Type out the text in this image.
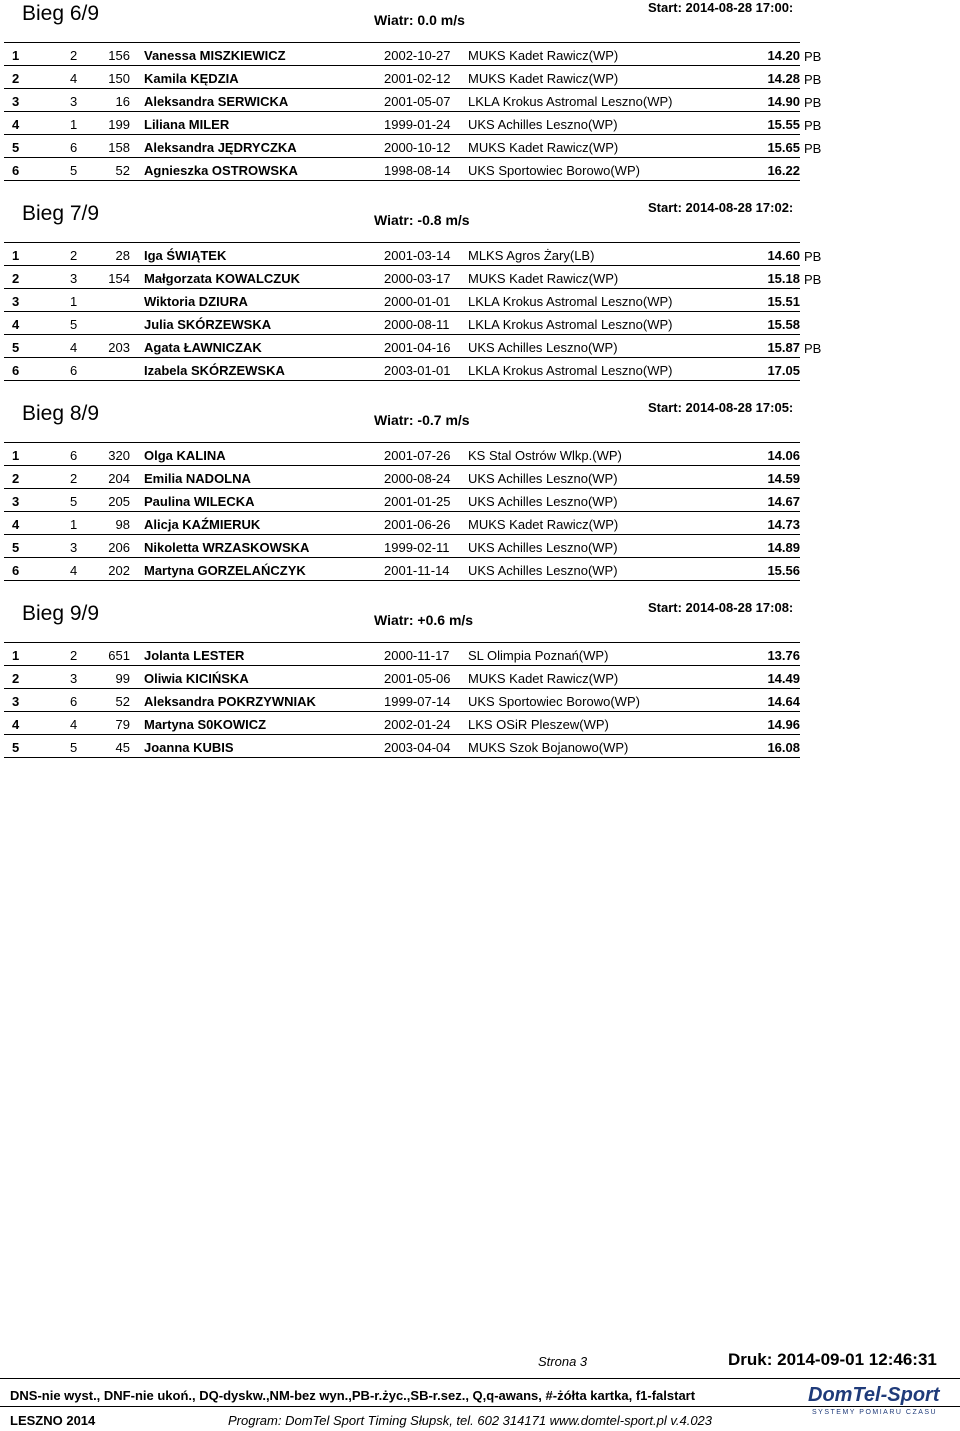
Bieg 6/9	Wiatr: 0.0 m/s
Start: 2014-08-28 17:00:
1	2	156	Vanessa MISZKIEWICZ	2002-10-27	MUKS Kadet Rawicz(WP)	14.20	PB
2	4	150	Kamila KĘDZIA	2001-02-12	MUKS Kadet Rawicz(WP)	14.28	PB
3	3	16	Aleksandra SERWICKA	2001-05-07	LKLA Krokus Astromal Leszno(WP)	14.90	PB
4	1	199	Liliana MILER	1999-01-24	UKS Achilles Leszno(WP)	15.55	PB
5	6	158	Aleksandra JĘDRYCZKA	2000-10-12	MUKS Kadet Rawicz(WP)	15.65	PB
6	5	52	Agnieszka OSTROWSKA	1998-08-14	UKS Sportowiec Borowo(WP)	16.22	
Bieg 7/9	Wiatr: -0.8 m/s
Start: 2014-08-28 17:02:
1	2	28	Iga ŚWIĄTEK	2001-03-14	MLKS Agros Żary(LB)	14.60	PB
2	3	154	Małgorzata KOWALCZUK	2000-03-17	MUKS Kadet Rawicz(WP)	15.18	PB
3	1		Wiktoria DZIURA	2000-01-01	LKLA Krokus Astromal Leszno(WP)	15.51	
4	5		Julia SKÓRZEWSKA	2000-08-11	LKLA Krokus Astromal Leszno(WP)	15.58	
5	4	203	Agata ŁAWNICZAK	2001-04-16	UKS Achilles Leszno(WP)	15.87	PB
6	6		Izabela SKÓRZEWSKA	2003-01-01	LKLA Krokus Astromal Leszno(WP)	17.05	
Bieg 8/9	Wiatr: -0.7 m/s
Start: 2014-08-28 17:05:
1	6	320	Olga KALINA	2001-07-26	KS Stal Ostrów Wlkp.(WP)	14.06	
2	2	204	Emilia NADOLNA	2000-08-24	UKS Achilles Leszno(WP)	14.59	
3	5	205	Paulina WILECKA	2001-01-25	UKS Achilles Leszno(WP)	14.67	
4	1	98	Alicja KAŹMIERUK	2001-06-26	MUKS Kadet Rawicz(WP)	14.73	
5	3	206	Nikoletta WRZASKOWSKA	1999-02-11	UKS Achilles Leszno(WP)	14.89	
6	4	202	Martyna GORZELAŃCZYK	2001-11-14	UKS Achilles Leszno(WP)	15.56	
Bieg 9/9	Wiatr: +0.6 m/s
Start: 2014-08-28 17:08:
1	2	651	Jolanta LESTER	2000-11-17	SL Olimpia Poznań(WP)	13.76	
2	3	99	Oliwia KICIŃSKA	2001-05-06	MUKS Kadet Rawicz(WP)	14.49	
3	6	52	Aleksandra POKRZYWNIAK	1999-07-14	UKS Sportowiec Borowo(WP)	14.64	
4	4	79	Martyna S0KOWICZ	2002-01-24	LKS OSiR Pleszew(WP)	14.96	
5	5	45	Joanna KUBIS	2003-04-04	MUKS Szok Bojanowo(WP)	16.08	
Strona 3	Druk: 2014-09-01 12:46:31
DNS-nie wyst., DNF-nie ukoń., DQ-dyskw.,NM-bez wyn.,PB-r.życ.,SB-r.sez., Q,q-awans, #-żółta kartka, f1-falstart
LESZNO 2014	Program: DomTel Sport Timing Słupsk, tel. 602 314171 www.domtel-sport.pl v.4.023
DomTel-Sport
SYSTEMY POMIARU CZASU
